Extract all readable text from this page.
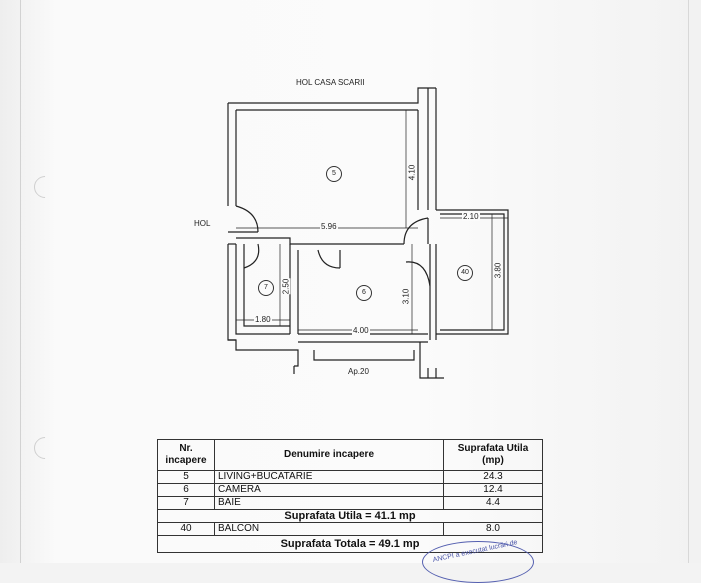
HOL CASA SCARII
HOL
Ap.20
5.96
4.10
2.10
3.80
2.50
3.10
1.80
4.00
5
6
7
40
Nr. incapere	Denumire incapere	Suprafata Utila (mp)
5	LIVING+BUCATARIE	24.3
6	CAMERA	12.4
7	BAIE	4.4
Suprafata Utila = 41.1 mp		
40	BALCON	8.0
Suprafata Totala = 49.1 mp		ANCPI a executat lucrări de
